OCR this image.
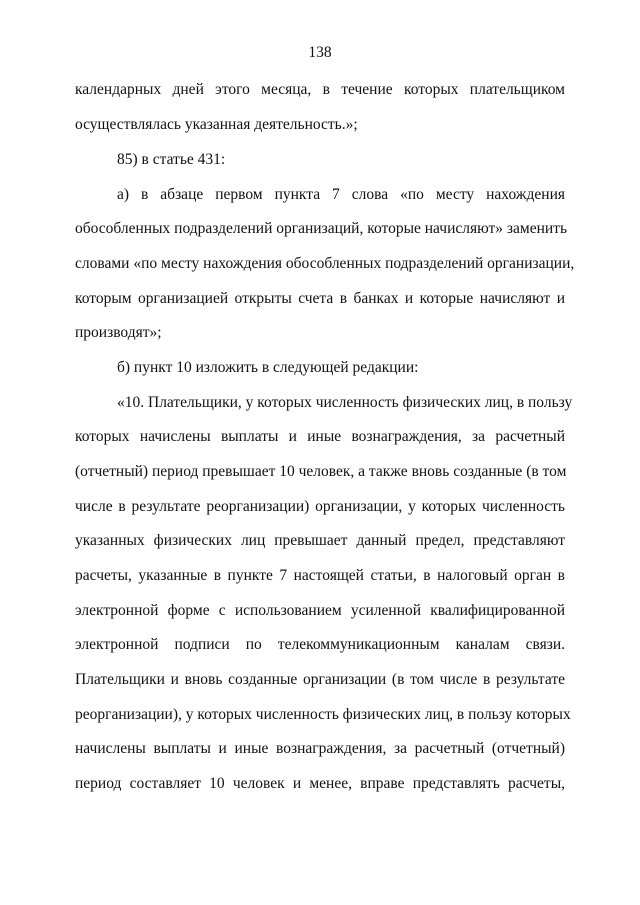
138
календарных дней этого месяца, в течение которых плательщиком
осуществлялась указанная деятельность.»;
85) в статье 431:
а) в абзаце первом пункта 7 слова «по месту нахождения
обособленных подразделений организаций, которые начисляют» заменить
словами «по месту нахождения обособленных подразделений организации,
которым организацией открыты счета в банках и которые начисляют и
производят»;
б) пункт 10 изложить в следующей редакции:
«10. Плательщики, у которых численность физических лиц, в пользу
которых начислены выплаты и иные вознаграждения, за расчетный
(отчетный) период превышает 10 человек, а также вновь созданные (в том
числе в результате реорганизации) организации, у которых численность
указанных физических лиц превышает данный предел, представляют
расчеты, указанные в пункте 7 настоящей статьи, в налоговый орган в
электронной форме с использованием усиленной квалифицированной
электронной подписи по телекоммуникационным каналам связи.
Плательщики и вновь созданные организации (в том числе в результате
реорганизации), у которых численность физических лиц, в пользу которых
начислены выплаты и иные вознаграждения, за расчетный (отчетный)
период составляет 10 человек и менее, вправе представлять расчеты,
